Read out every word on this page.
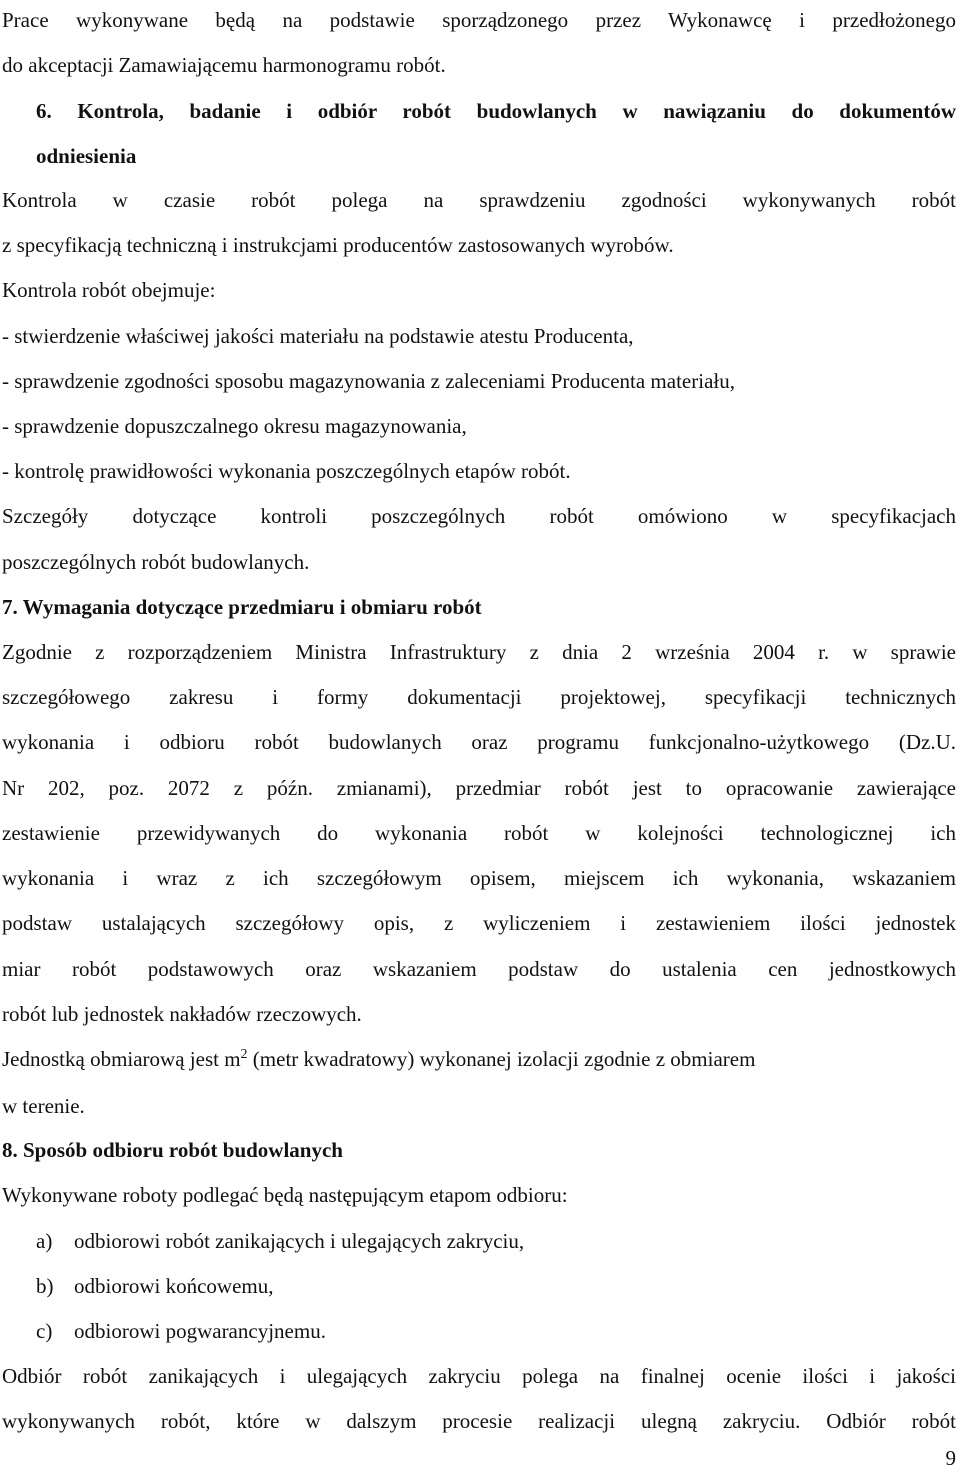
Prace wykonywane będą na podstawie sporządzonego przez Wykonawcę i przedłożonego
do akceptacji Zamawiającemu harmonogramu robót.
6. Kontrola, badanie i odbiór robót budowlanych w nawiązaniu do dokumentów
odniesienia
Kontrola w czasie robót polega na sprawdzeniu zgodności wykonywanych robót
z specyfikacją techniczną i instrukcjami producentów zastosowanych wyrobów.
Kontrola robót obejmuje:
- stwierdzenie właściwej jakości materiału na podstawie atestu Producenta,
- sprawdzenie zgodności sposobu magazynowania z zaleceniami Producenta materiału,
- sprawdzenie dopuszczalnego okresu magazynowania,
- kontrolę prawidłowości wykonania poszczególnych etapów robót.
Szczegóły dotyczące kontroli poszczególnych robót omówiono w specyfikacjach
poszczególnych robót budowlanych.
7. Wymagania dotyczące przedmiaru i obmiaru robót
Zgodnie z rozporządzeniem Ministra Infrastruktury z dnia 2 września 2004 r. w sprawie
szczegółowego zakresu i formy dokumentacji projektowej, specyfikacji technicznych
wykonania i odbioru robót budowlanych oraz programu funkcjonalno-użytkowego (Dz.U.
Nr 202, poz. 2072 z późn. zmianami), przedmiar robót jest to opracowanie zawierające
zestawienie przewidywanych do wykonania robót w kolejności technologicznej ich
wykonania i wraz z ich szczegółowym opisem, miejscem ich wykonania, wskazaniem
podstaw ustalających szczegółowy opis, z wyliczeniem i zestawieniem ilości jednostek
miar robót podstawowych oraz wskazaniem podstaw do ustalenia cen jednostkowych
robót lub jednostek nakładów rzeczowych.
Jednostką obmiarową jest $m^2$ (metr kwadratowy) wykonanej izolacji zgodnie z obmiarem
w terenie.
8. Sposób odbioru robót budowlanych
Wykonywane roboty podlegać będą następującym etapom odbioru:
a) odbiorowi robót zanikających i ulegających zakryciu,
b) odbiorowi końcowemu,
c) odbiorowi pogwarancyjnemu.
Odbiór robót zanikających i ulegających zakryciu polega na finalnej ocenie ilości i jakości
wykonywanych robót, które w dalszym procesie realizacji ulegną zakryciu. Odbiór robót
9
